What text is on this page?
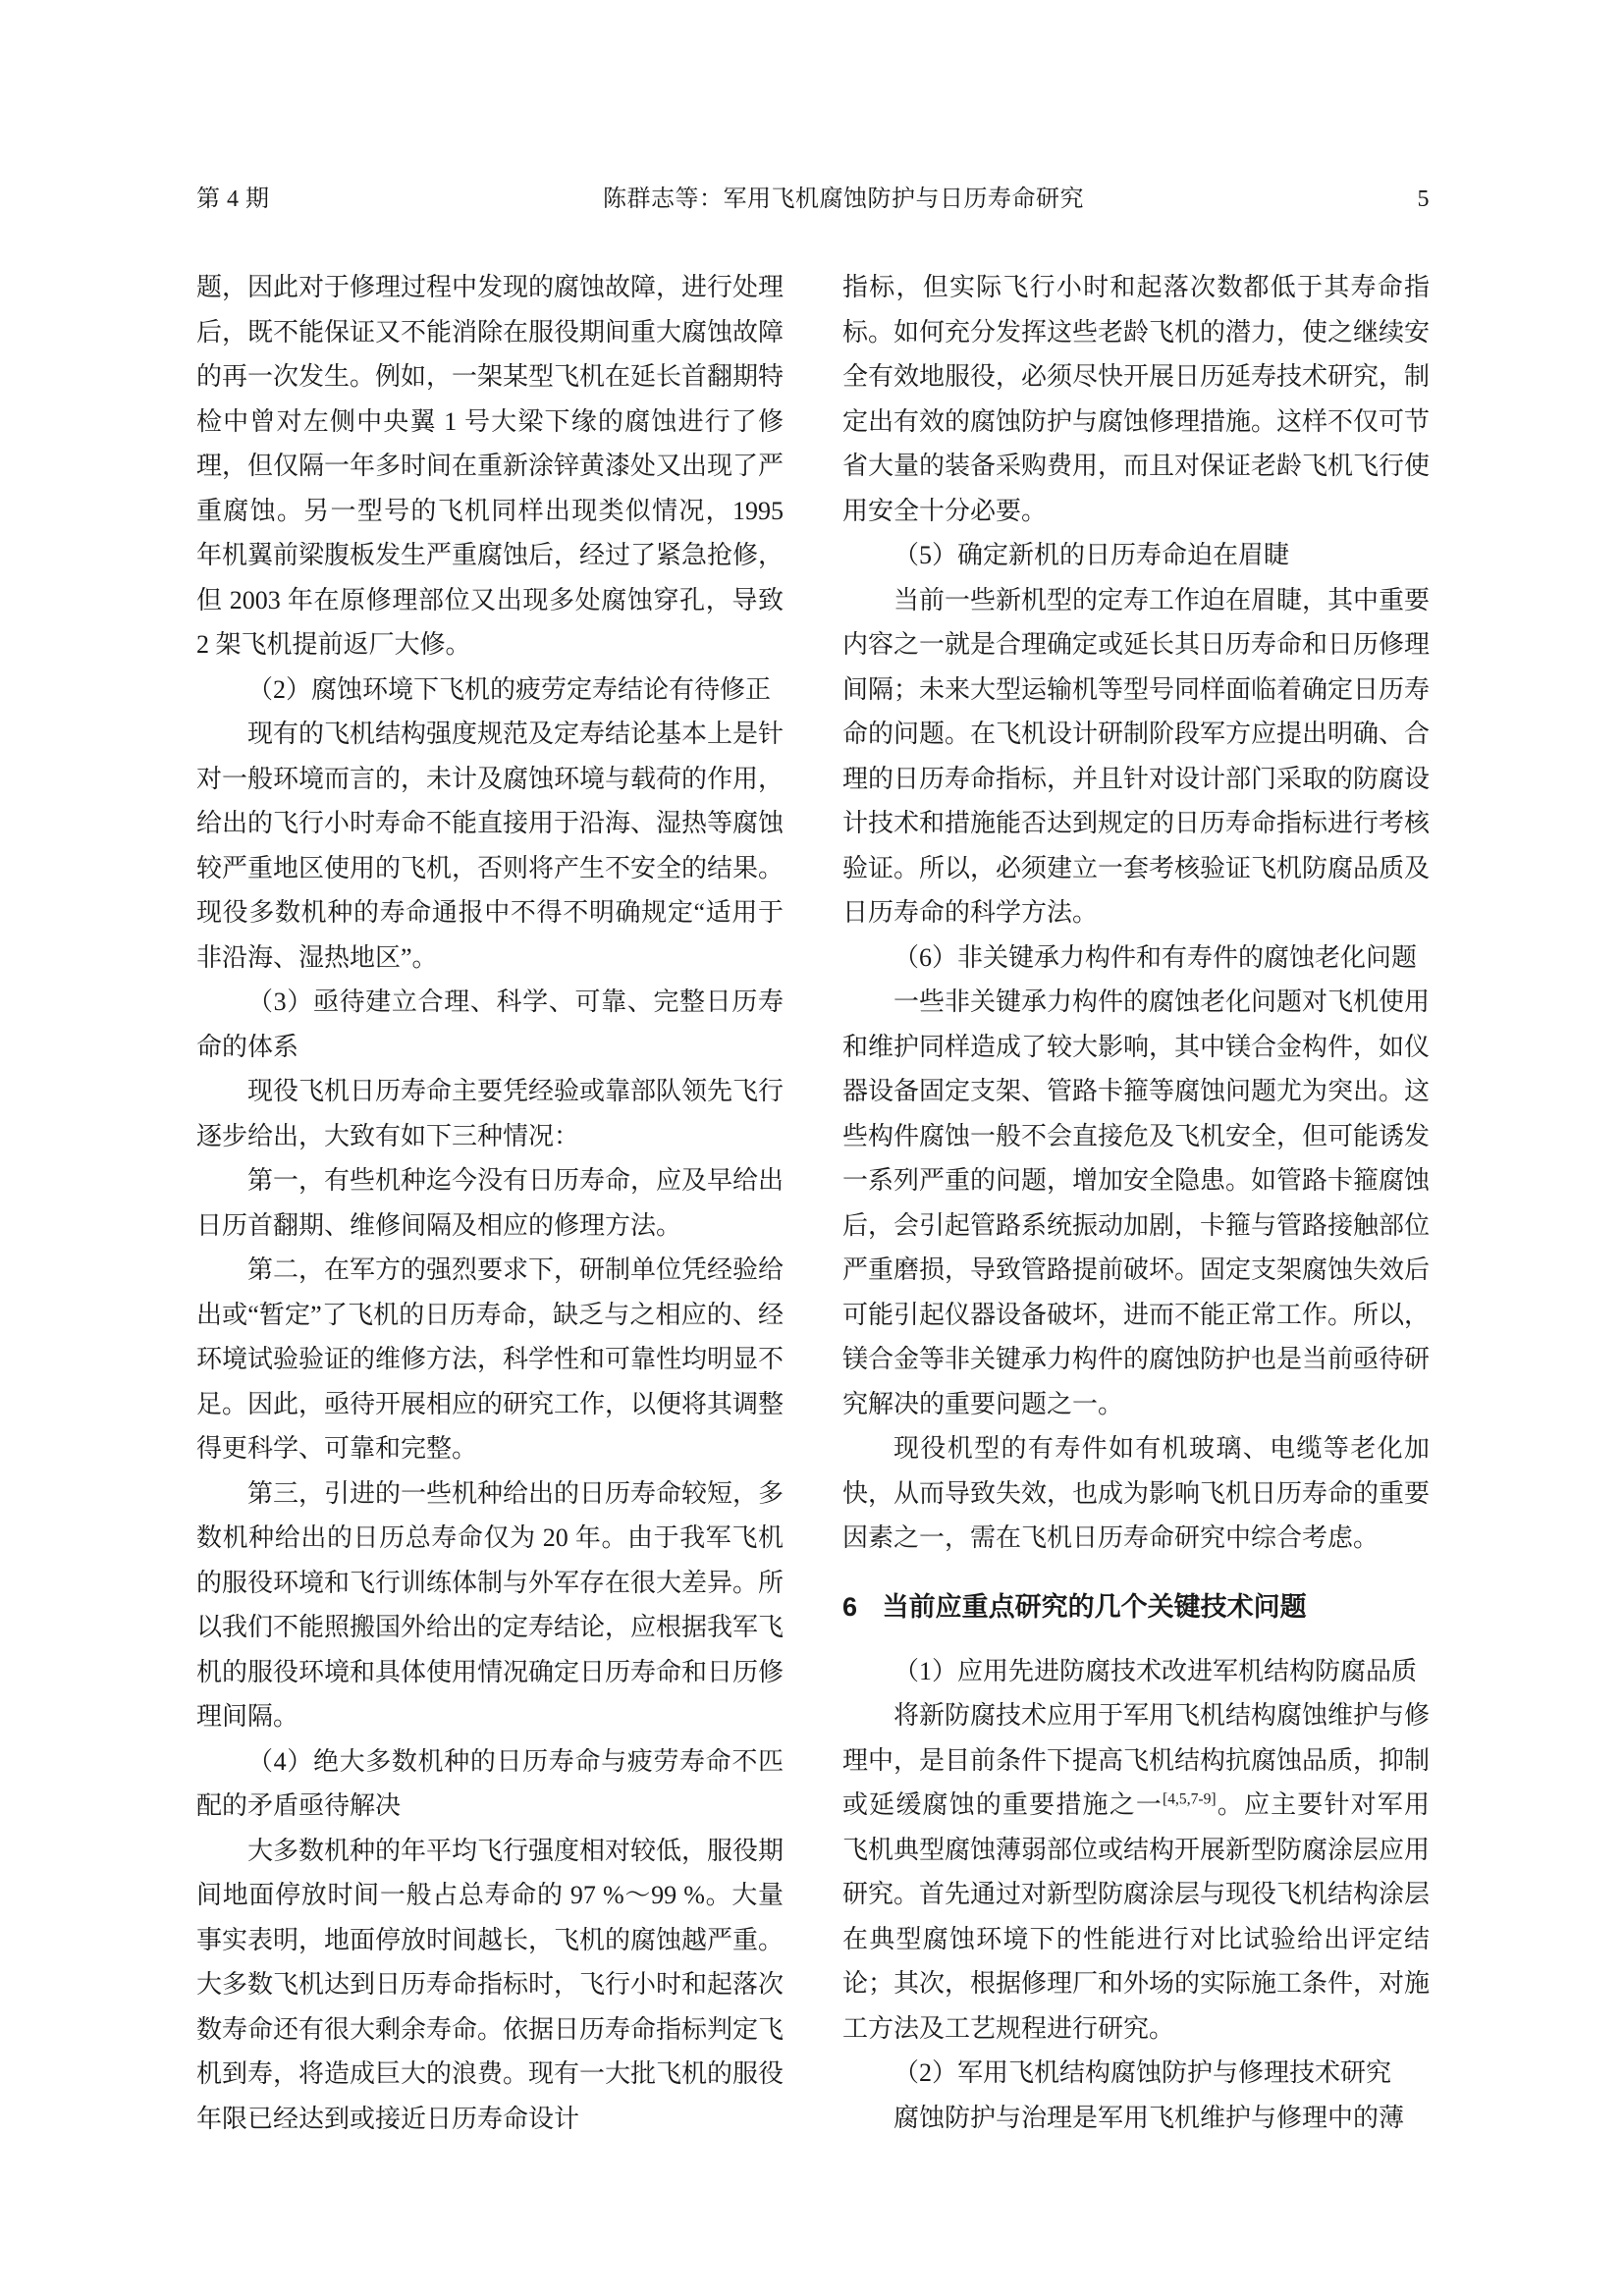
第 4 期	陈群志等：军用飞机腐蚀防护与日历寿命研究	5

题，因此对于修理过程中发现的腐蚀故障，进行处理后，既不能保证又不能消除在服役期间重大腐蚀故障的再一次发生。例如，一架某型飞机在延长首翻期特检中曾对左侧中央翼 1 号大梁下缘的腐蚀进行了修理，但仅隔一年多时间在重新涂锌黄漆处又出现了严重腐蚀。另一型号的飞机同样出现类似情况，1995 年机翼前梁腹板发生严重腐蚀后，经过了紧急抢修，但 2003 年在原修理部位又出现多处腐蚀穿孔，导致 2 架飞机提前返厂大修。

（2）腐蚀环境下飞机的疲劳定寿结论有待修正

现有的飞机结构强度规范及定寿结论基本上是针对一般环境而言的，未计及腐蚀环境与载荷的作用，给出的飞行小时寿命不能直接用于沿海、湿热等腐蚀较严重地区使用的飞机，否则将产生不安全的结果。现役多数机种的寿命通报中不得不明确规定“适用于非沿海、湿热地区”。

（3）亟待建立合理、科学、可靠、完整日历寿命的体系

现役飞机日历寿命主要凭经验或靠部队领先飞行逐步给出，大致有如下三种情况：

第一，有些机种迄今没有日历寿命，应及早给出日历首翻期、维修间隔及相应的修理方法。

第二，在军方的强烈要求下，研制单位凭经验给出或“暂定”了飞机的日历寿命，缺乏与之相应的、经环境试验验证的维修方法，科学性和可靠性均明显不足。因此，亟待开展相应的研究工作，以便将其调整得更科学、可靠和完整。

第三，引进的一些机种给出的日历寿命较短，多数机种给出的日历总寿命仅为 20 年。由于我军飞机的服役环境和飞行训练体制与外军存在很大差异。所以我们不能照搬国外给出的定寿结论，应根据我军飞机的服役环境和具体使用情况确定日历寿命和日历修理间隔。

（4）绝大多数机种的日历寿命与疲劳寿命不匹配的矛盾亟待解决

大多数机种的年平均飞行强度相对较低，服役期间地面停放时间一般占总寿命的 97 %～99 %。大量事实表明，地面停放时间越长，飞机的腐蚀越严重。大多数飞机达到日历寿命指标时，飞行小时和起落次数寿命还有很大剩余寿命。依据日历寿命指标判定飞机到寿，将造成巨大的浪费。现有一大批飞机的服役年限已经达到或接近日历寿命设计

指标，但实际飞行小时和起落次数都低于其寿命指标。如何充分发挥这些老龄飞机的潜力，使之继续安全有效地服役，必须尽快开展日历延寿技术研究，制定出有效的腐蚀防护与腐蚀修理措施。这样不仅可节省大量的装备采购费用，而且对保证老龄飞机飞行使用安全十分必要。

（5）确定新机的日历寿命迫在眉睫

当前一些新机型的定寿工作迫在眉睫，其中重要内容之一就是合理确定或延长其日历寿命和日历修理间隔；未来大型运输机等型号同样面临着确定日历寿命的问题。在飞机设计研制阶段军方应提出明确、合理的日历寿命指标，并且针对设计部门采取的防腐设计技术和措施能否达到规定的日历寿命指标进行考核验证。所以，必须建立一套考核验证飞机防腐品质及日历寿命的科学方法。

（6）非关键承力构件和有寿件的腐蚀老化问题

一些非关键承力构件的腐蚀老化问题对飞机使用和维护同样造成了较大影响，其中镁合金构件，如仪器设备固定支架、管路卡箍等腐蚀问题尤为突出。这些构件腐蚀一般不会直接危及飞机安全，但可能诱发一系列严重的问题，增加安全隐患。如管路卡箍腐蚀后，会引起管路系统振动加剧，卡箍与管路接触部位严重磨损，导致管路提前破坏。固定支架腐蚀失效后可能引起仪器设备破坏，进而不能正常工作。所以，镁合金等非关键承力构件的腐蚀防护也是当前亟待研究解决的重要问题之一。

现役机型的有寿件如有机玻璃、电缆等老化加快，从而导致失效，也成为影响飞机日历寿命的重要因素之一，需在飞机日历寿命研究中综合考虑。

6 当前应重点研究的几个关键技术问题

（1）应用先进防腐技术改进军机结构防腐品质

将新防腐技术应用于军用飞机结构腐蚀维护与修理中，是目前条件下提高飞机结构抗腐蚀品质，抑制或延缓腐蚀的重要措施之一[4,5,7-9]。应主要针对军用飞机典型腐蚀薄弱部位或结构开展新型防腐涂层应用研究。首先通过对新型防腐涂层与现役飞机结构涂层在典型腐蚀环境下的性能进行对比试验给出评定结论；其次，根据修理厂和外场的实际施工条件，对施工方法及工艺规程进行研究。

（2）军用飞机结构腐蚀防护与修理技术研究

腐蚀防护与治理是军用飞机维护与修理中的薄
